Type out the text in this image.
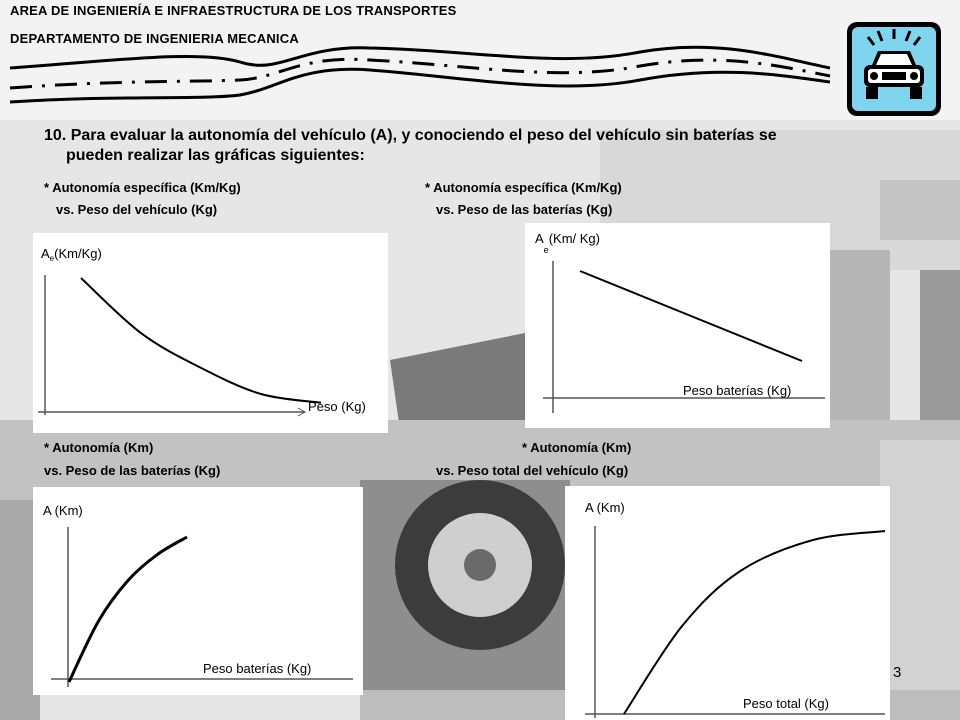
AREA DE INGENIERÍA E INFRAESTRUCTURA DE LOS TRANSPORTES
DEPARTAMENTO DE INGENIERIA MECANICA
10. Para evaluar la autonomía del vehículo (A), y conociendo el peso del vehículo sin baterías se
pueden realizar las gráficas siguientes:
* Autonomía específica (Km/Kg)
vs. Peso del vehículo (Kg)
* Autonomía específica (Km/Kg)
vs. Peso de las baterías (Kg)
* Autonomía (Km)
vs. Peso de las baterías (Kg)
* Autonomía (Km)
vs. Peso total del vehículo (Kg)
$A_e(Km/Kg)$
Peso (Kg)
$A_e(Km/$ Kg)
Peso baterías (Kg)
A (Km)
Peso baterías (Kg)
A (Km)
Peso total (Kg)
3
